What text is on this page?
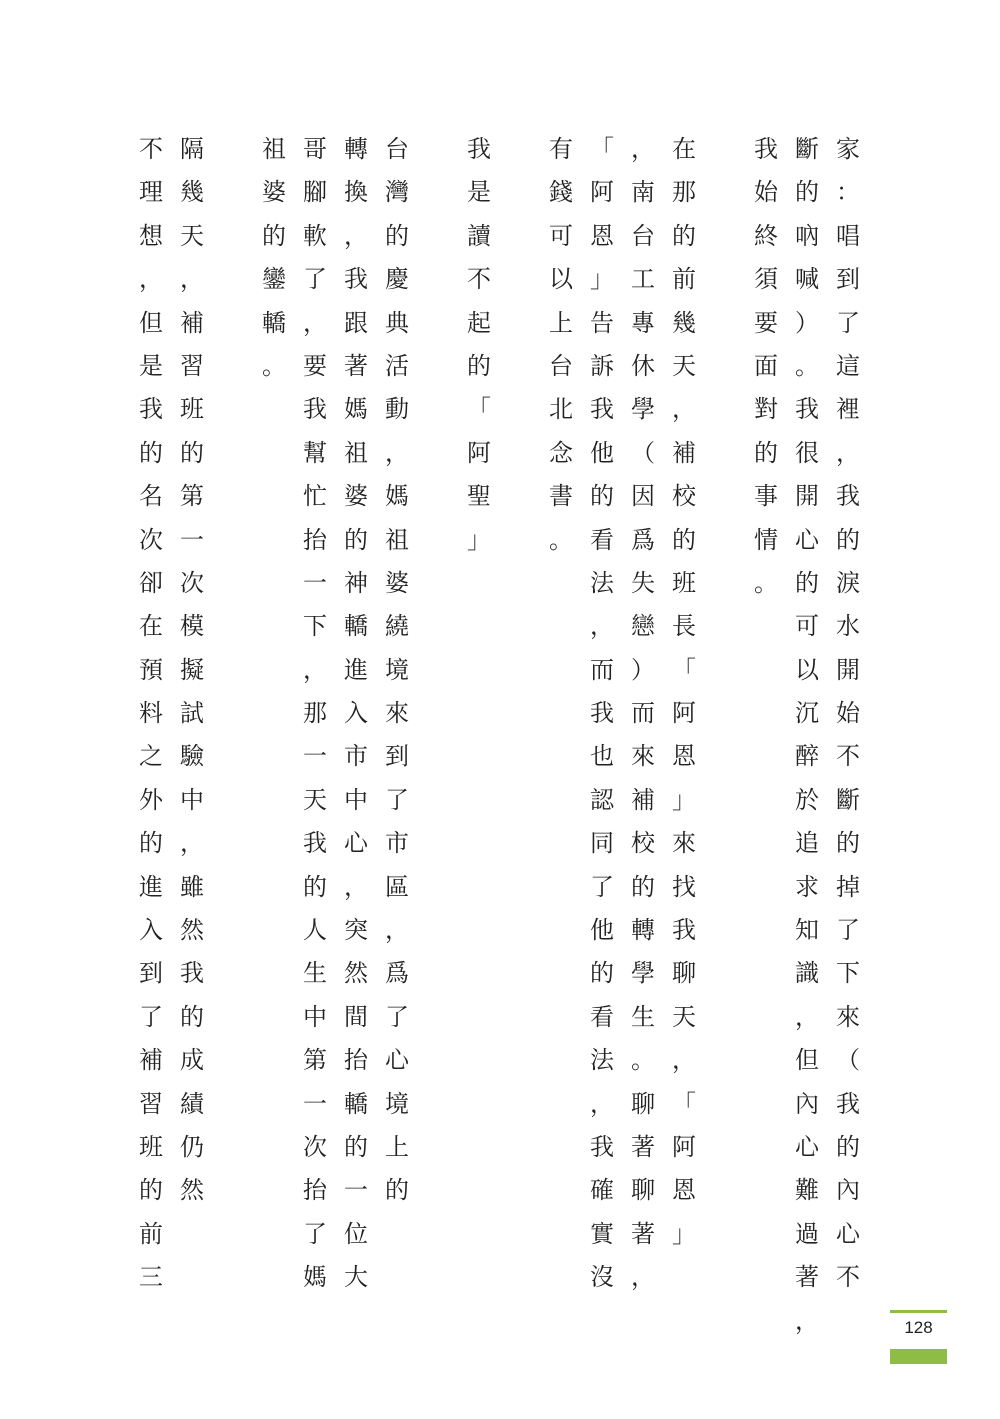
家
：
唱
到
了
這
裡
，
我
的
淚
水
開
始
不
斷
的
掉
了
下
來
（
我
的
內
心
不
斷
的
吶
喊
）
。
我
很
開
心
的
可
以
沉
醉
於
追
求
知
識
，
但
內
心
難
過
著
，
我
始
終
須
要
面
對
的
事
情
。
在
那
的
前
幾
天
，
補
校
的
班
長
「
阿
恩
」
來
找
我
聊
天
，
「
阿
恩
」
，
南
台
工
專
休
學
（
因
爲
失
戀
）
而
來
補
校
的
轉
學
生
。
聊
著
聊
著
，
「
阿
恩
」
告
訴
我
他
的
看
法
，
而
我
也
認
同
了
他
的
看
法
，
我
確
實
沒
有
錢
可
以
上
台
北
念
書
。
我
是
讀
不
起
的
「
阿
聖
」
台
灣
的
慶
典
活
動
，
媽
祖
婆
繞
境
來
到
了
市
區
，
爲
了
心
境
上
的
轉
換
，
我
跟
著
媽
祖
婆
的
神
轎
進
入
市
中
心
，
突
然
間
抬
轎
的
一
位
大
哥
腳
軟
了
，
要
我
幫
忙
抬
一
下
，
那
一
天
我
的
人
生
中
第
一
次
抬
了
媽
祖
婆
的
鑾
轎
。
隔
幾
天
，
補
習
班
的
第
一
次
模
擬
試
驗
中
，
雖
然
我
的
成
績
仍
然
不
理
想
，
但
是
我
的
名
次
卻
在
預
料
之
外
的
進
入
到
了
補
習
班
的
前
三
128
